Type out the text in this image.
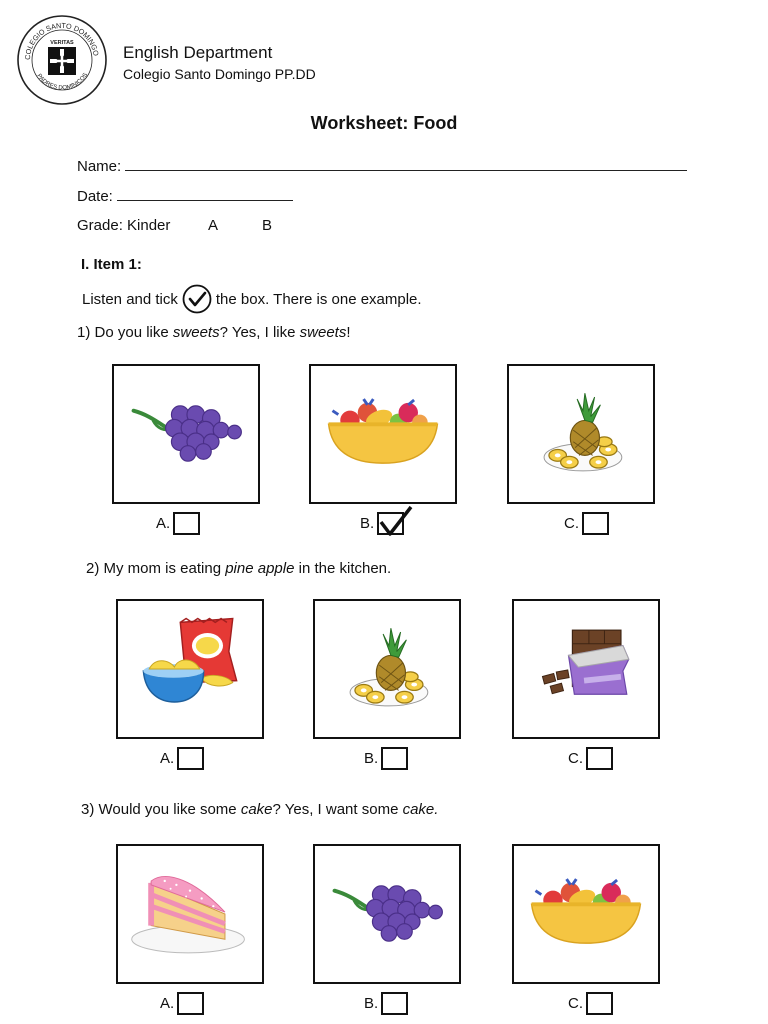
COLEGIO SANTO DOMINGO
PADRES DOMINICOS
VERITAS	English Department
Colegio Santo Domingo PP.DD
Worksheet: Food
Name:
Date:
Grade: Kinder	A	B
I. Item 1:
Listen and tick	the box. There is one example.
1) Do you like sweets? Yes, I like sweets!
A.	B.	C.
2) My mom is eating pine apple in the kitchen.
A.	B.	C.
3) Would you like some cake? Yes, I want some cake.
A.	B.	C.
